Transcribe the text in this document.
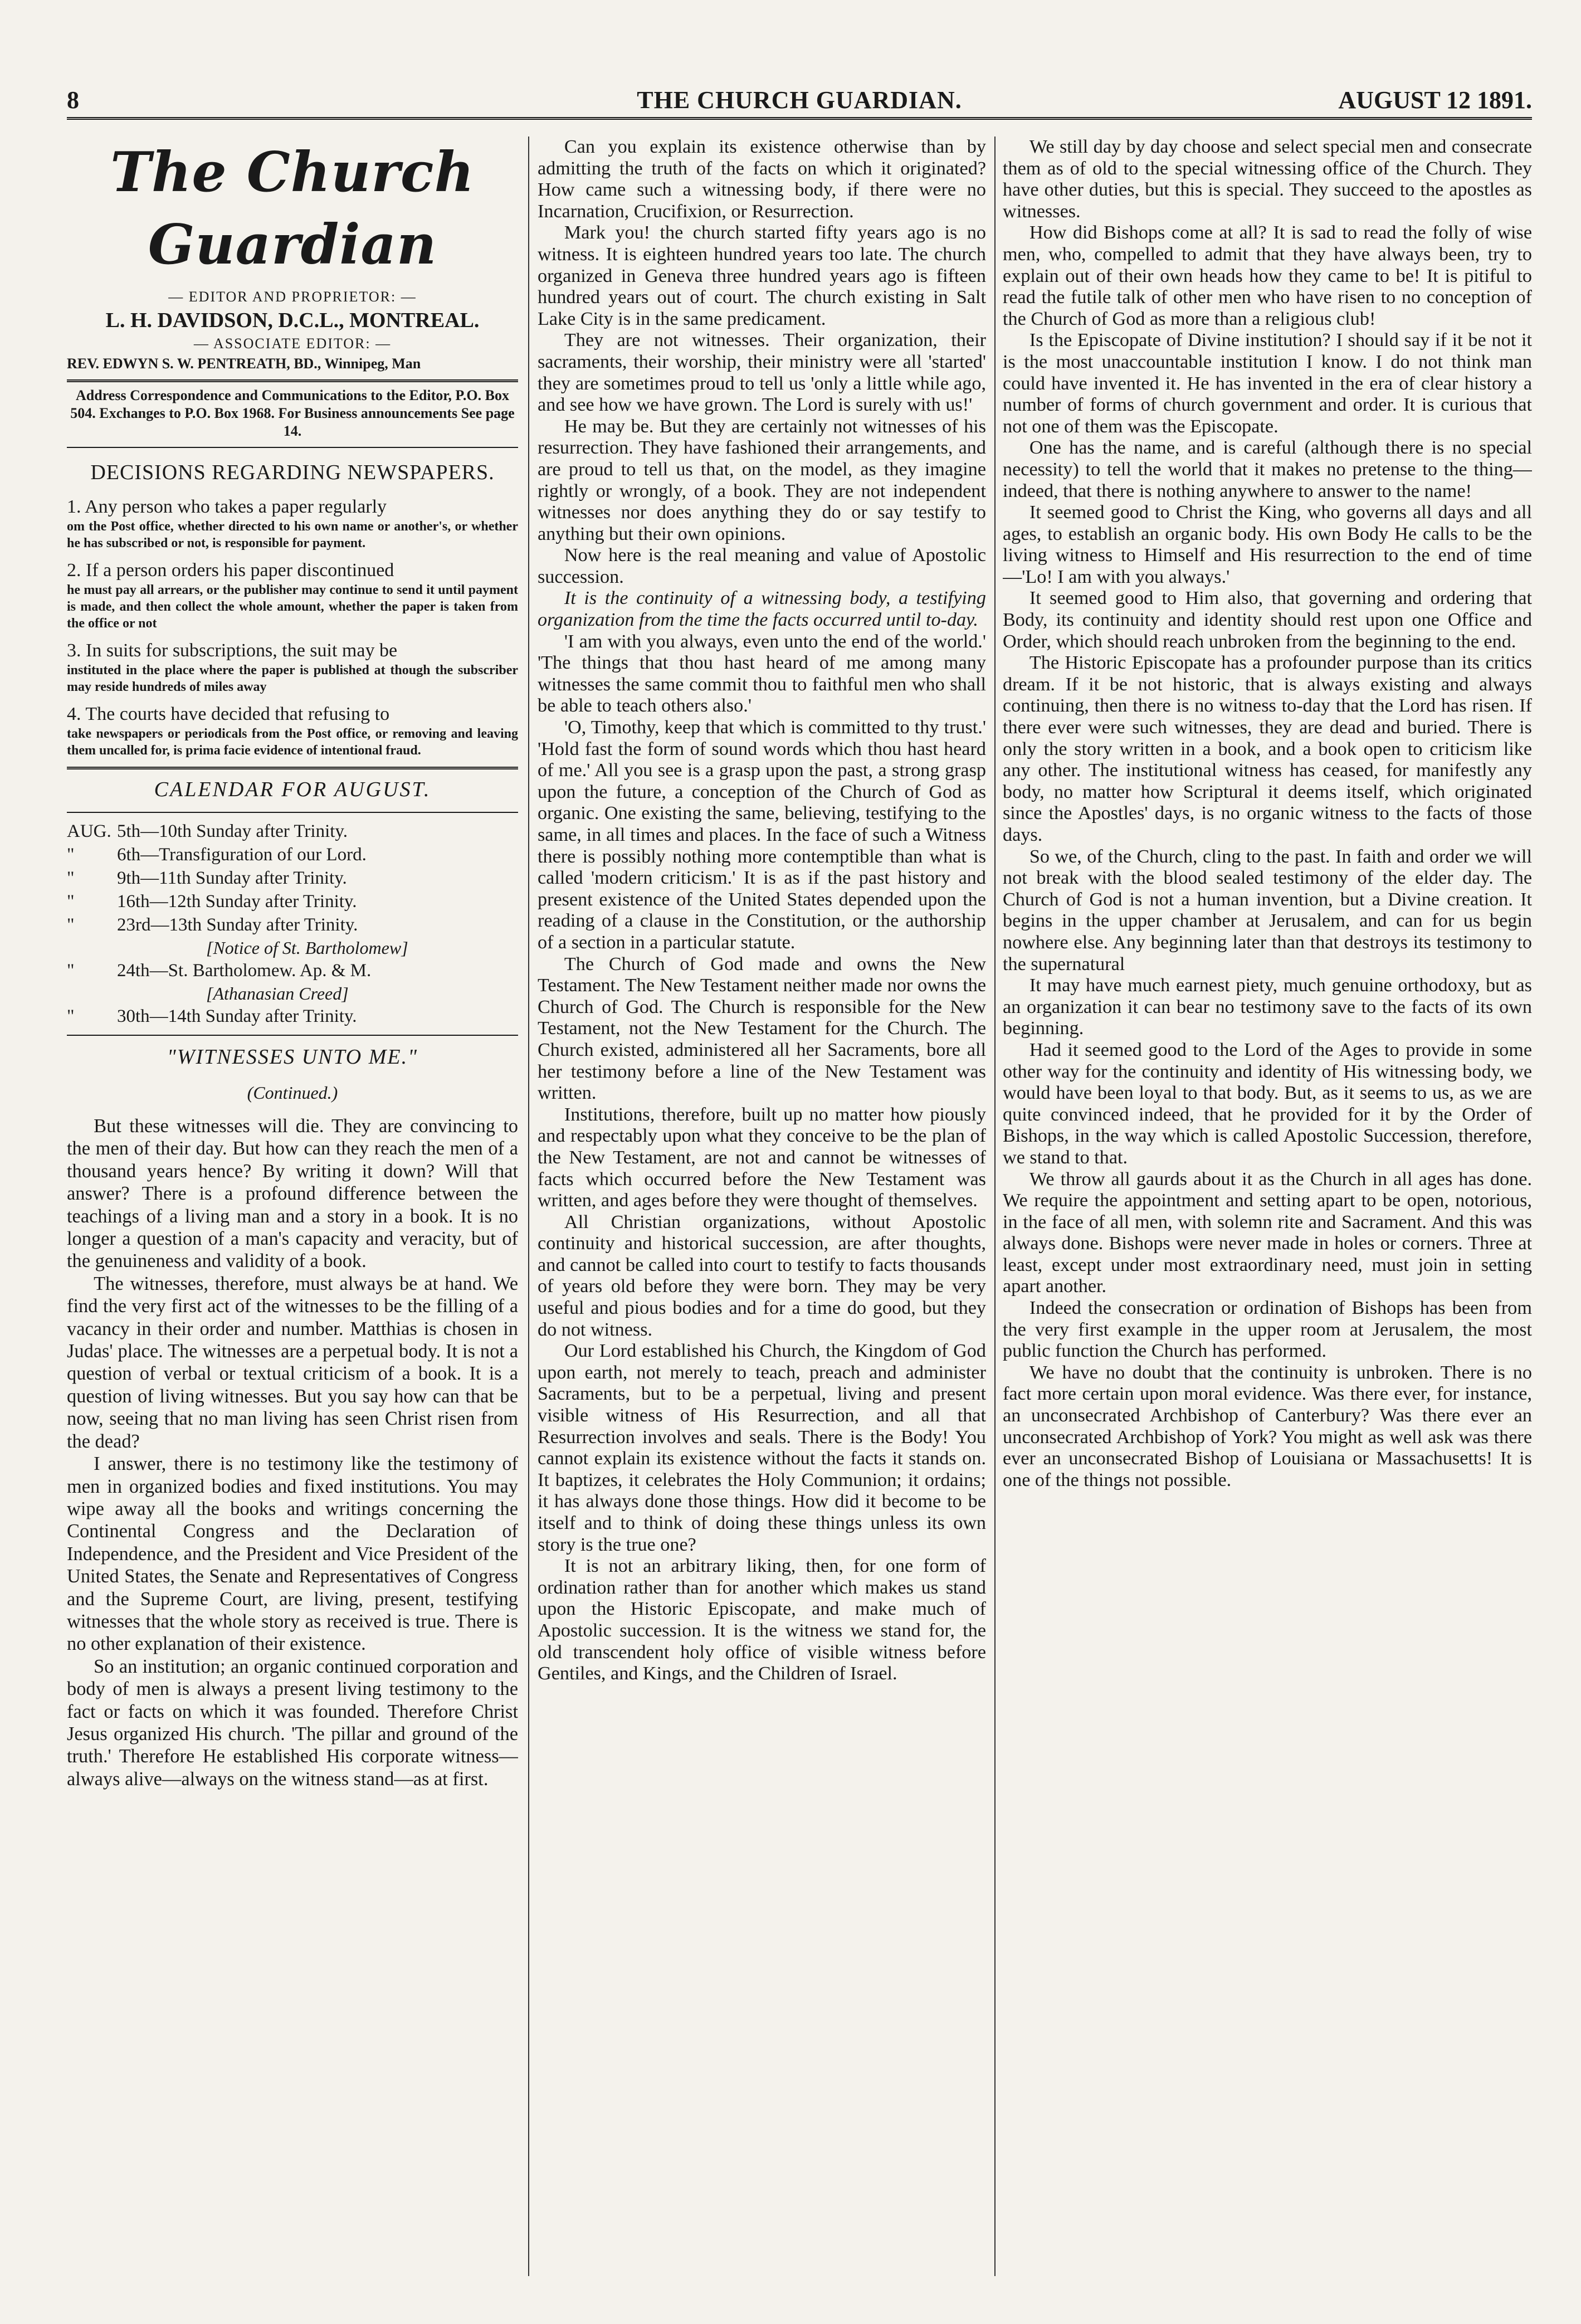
8	THE CHURCH GUARDIAN.	AUGUST 12 1891.
The Church Guardian
— EDITOR AND PROPRIETOR: —
L. H. DAVIDSON, D.C.L., MONTREAL.
— ASSOCIATE EDITOR: —
REV. EDWYN S. W. PENTREATH, BD., Winnipeg, Man
Address Correspondence and Communications to the Editor, P.O. Box 504. Exchanges to P.O. Box 1968. For Business announcements See page 14.
DECISIONS REGARDING NEWSPAPERS.
1. Any person who takes a paper regularly
om the Post office, whether directed to his own name or another's, or whether he has subscribed or not, is responsible for payment.
2. If a person orders his paper discontinued
he must pay all arrears, or the publisher may continue to send it until payment is made, and then collect the whole amount, whether the paper is taken from the office or not
3. In suits for subscriptions, the suit may be
instituted in the place where the paper is published at though the subscriber may reside hundreds of miles away
4. The courts have decided that refusing to
take newspapers or periodicals from the Post office, or removing and leaving them uncalled for, is prima facie evidence of intentional fraud.
CALENDAR FOR AUGUST.
AUG. 5th—10th Sunday after Trinity.
"	6th—Transfiguration of our Lord.
"	9th—11th Sunday after Trinity.
"	16th—12th Sunday after Trinity.
"	23rd—13th Sunday after Trinity.
[Notice of St. Bartholomew]
"	24th—St. Bartholomew. Ap. & M.
[Athanasian Creed]
"	30th—14th Sunday after Trinity.
"WITNESSES UNTO ME."
(Continued.)

But these witnesses will die. They are convincing to the men of their day. But how can they reach the men of a thousand years hence? By writing it down? Will that answer? There is a profound difference between the teachings of a living man and a story in a book. It is no longer a question of a man's capacity and veracity, but of the genuineness and validity of a book.

The witnesses, therefore, must always be at hand. We find the very first act of the witnesses to be the filling of a vacancy in their order and number. Matthias is chosen in Judas' place. The witnesses are a perpetual body. It is not a question of verbal or textual criticism of a book. It is a question of living witnesses. But you say how can that be now, seeing that no man living has seen Christ risen from the dead?

I answer, there is no testimony like the testimony of men in organized bodies and fixed institutions. You may wipe away all the books and writings concerning the Continental Congress and the Declaration of Independence, and the President and Vice President of the United States, the Senate and Representatives of Congress and the Supreme Court, are living, present, testifying witnesses that the whole story as received is true. There is no other explanation of their existence.

So an institution; an organic continued corporation and body of men is always a present living testimony to the fact or facts on which it was founded. Therefore Christ Jesus organized His church. 'The pillar and ground of the truth.' Therefore He established His corporate witness—always alive—always on the witness stand—as at first.

Can you explain its existence otherwise than by admitting the truth of the facts on which it originated? How came such a witnessing body, if there were no Incarnation, Crucifixion, or Resurrection.

Mark you! the church started fifty years ago is no witness. It is eighteen hundred years too late. The church organized in Geneva three hundred years ago is fifteen hundred years out of court. The church existing in Salt Lake City is in the same predicament.

They are not witnesses. Their organization, their sacraments, their worship, their ministry were all 'started' they are sometimes proud to tell us 'only a little while ago, and see how we have grown. The Lord is surely with us!'

He may be. But they are certainly not witnesses of his resurrection. They have fashioned their arrangements, and are proud to tell us that, on the model, as they imagine rightly or wrongly, of a book. They are not independent witnesses nor does anything they do or say testify to anything but their own opinions.

Now here is the real meaning and value of Apostolic succession.

It is the continuity of a witnessing body, a testifying organization from the time the facts occurred until to-day.

'I am with you always, even unto the end of the world.' 'The things that thou hast heard of me among many witnesses the same commit thou to faithful men who shall be able to teach others also.'

'O, Timothy, keep that which is committed to thy trust.' 'Hold fast the form of sound words which thou hast heard of me.' All you see is a grasp upon the past, a strong grasp upon the future, a conception of the Church of God as organic. One existing the same, believing, testifying to the same, in all times and places. In the face of such a Witness there is possibly nothing more contemptible than what is called 'modern criticism.' It is as if the past history and present existence of the United States depended upon the reading of a clause in the Constitution, or the authorship of a section in a particular statute.

The Church of God made and owns the New Testament. The New Testament neither made nor owns the Church of God. The Church is responsible for the New Testament, not the New Testament for the Church. The Church existed, administered all her Sacraments, bore all her testimony before a line of the New Testament was written.

Institutions, therefore, built up no matter how piously and respectably upon what they conceive to be the plan of the New Testament, are not and cannot be witnesses of facts which occurred before the New Testament was written, and ages before they were thought of themselves.

All Christian organizations, without Apostolic continuity and historical succession, are after thoughts, and cannot be called into court to testify to facts thousands of years old before they were born. They may be very useful and pious bodies and for a time do good, but they do not witness.

Our Lord established his Church, the Kingdom of God upon earth, not merely to teach, preach and administer Sacraments, but to be a perpetual, living and present visible witness of His Resurrection, and all that Resurrection involves and seals. There is the Body! You cannot explain its existence without the facts it stands on. It baptizes, it celebrates the Holy Communion; it ordains; it has always done those things. How did it become to be itself and to think of doing these things unless its own story is the true one?

It is not an arbitrary liking, then, for one form of ordination rather than for another which makes us stand upon the Historic Episcopate, and make much of Apostolic succession. It is the witness we stand for, the old transcendent holy office of visible witness before Gentiles, and Kings, and the Children of Israel.

We still day by day choose and select special men and consecrate them as of old to the special witnessing office of the Church. They have other duties, but this is special. They succeed to the apostles as witnesses.

How did Bishops come at all? It is sad to read the folly of wise men, who, compelled to admit that they have always been, try to explain out of their own heads how they came to be! It is pitiful to read the futile talk of other men who have risen to no conception of the Church of God as more than a religious club!

Is the Episcopate of Divine institution? I should say if it be not it is the most unaccountable institution I know. I do not think man could have invented it. He has invented in the era of clear history a number of forms of church government and order. It is curious that not one of them was the Episcopate.

One has the name, and is careful (although there is no special necessity) to tell the world that it makes no pretense to the thing—indeed, that there is nothing anywhere to answer to the name!

It seemed good to Christ the King, who governs all days and all ages, to establish an organic body. His own Body He calls to be the living witness to Himself and His resurrection to the end of time—'Lo! I am with you always.'

It seemed good to Him also, that governing and ordering that Body, its continuity and identity should rest upon one Office and Order, which should reach unbroken from the beginning to the end.

The Historic Episcopate has a profounder purpose than its critics dream. If it be not historic, that is always existing and always continuing, then there is no witness to-day that the Lord has risen. If there ever were such witnesses, they are dead and buried. There is only the story written in a book, and a book open to criticism like any other. The institutional witness has ceased, for manifestly any body, no matter how Scriptural it deems itself, which originated since the Apostles' days, is no organic witness to the facts of those days.

So we, of the Church, cling to the past. In faith and order we will not break with the blood sealed testimony of the elder day. The Church of God is not a human invention, but a Divine creation. It begins in the upper chamber at Jerusalem, and can for us begin nowhere else. Any beginning later than that destroys its testimony to the supernatural

It may have much earnest piety, much genuine orthodoxy, but as an organization it can bear no testimony save to the facts of its own beginning.

Had it seemed good to the Lord of the Ages to provide in some other way for the continuity and identity of His witnessing body, we would have been loyal to that body. But, as it seems to us, as we are quite convinced indeed, that he provided for it by the Order of Bishops, in the way which is called Apostolic Succession, therefore, we stand to that.

We throw all gaurds about it as the Church in all ages has done. We require the appointment and setting apart to be open, notorious, in the face of all men, with solemn rite and Sacrament. And this was always done. Bishops were never made in holes or corners. Three at least, except under most extraordinary need, must join in setting apart another.

Indeed the consecration or ordination of Bishops has been from the very first example in the upper room at Jerusalem, the most public function the Church has performed.

We have no doubt that the continuity is unbroken. There is no fact more certain upon moral evidence. Was there ever, for instance, an unconsecrated Archbishop of Canterbury? Was there ever an unconsecrated Archbishop of York? You might as well ask was there ever an unconsecrated Bishop of Louisiana or Massachusetts! It is one of the things not possible.
